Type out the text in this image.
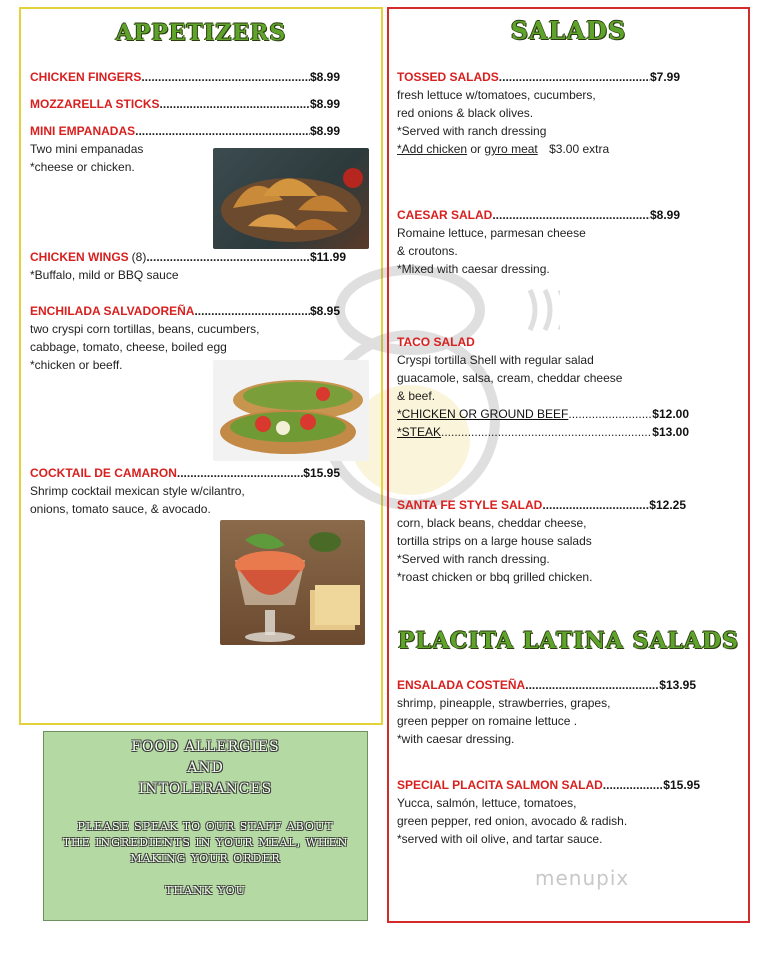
APPETIZERS
CHICKEN FINGERS .....	$8.99
MOZZARELLA STICKS .....	$8.99
MINI EMPANADAS .....	$8.99
Two mini empanadas
*cheese or chicken.
CHICKEN WINGS (8) .....	$11.99
*Buffalo, mild or BBQ sauce
ENCHILADA SALVADOREÑA .....	$8.95
two cryspi corn tortillas, beans, cucumbers,
cabbage, tomato, cheese, boiled egg
*chicken or beeff.
COCKTAIL DE CAMARON .....	$15.95
Shrimp cocktail mexican style w/cilantro,
onions, tomato sauce, & avocado.
SALADS
TOSSED SALADS .....	$7.99
fresh lettuce w/tomatoes, cucumbers,
red onions & black olives.
*Served with ranch dressing
*Add chicken or gyro meat $3.00 extra
CAESAR SALAD .....	$8.99
Romaine lettuce, parmesan cheese
& croutons.
*Mixed with caesar dressing.
TACO SALAD
Cryspi tortilla Shell with regular salad
guacamole, salsa, cream, cheddar cheese
& beef.
*CHICKEN OR GROUND BEEF .....	$12.00
*STEAK .....	$13.00
SANTA FE STYLE SALAD .....	$12.25
corn, black beans, cheddar cheese,
tortilla strips on a large house salads
*Served with ranch dressing.
*roast chicken or bbq grilled chicken.
PLACITA LATINA SALADS
ENSALADA COSTEÑA .....	$13.95
shrimp, pineapple, strawberries, grapes,
green pepper on romaine lettuce .
*with caesar dressing.
SPECIAL PLACITA SALMON SALAD .....	$15.95
Yucca, salmón, lettuce, tomatoes,
green pepper, red onion, avocado & radish.
*served with oil olive, and tartar sauce.
menupix
FOOD ALLERGIES
AND
INTOLERANCES
PLEASE SPEAK TO OUR STAFF ABOUT
THE INGREDIENTS IN YOUR MEAL, WHEN
MAKING YOUR ORDER
THANK YOU
